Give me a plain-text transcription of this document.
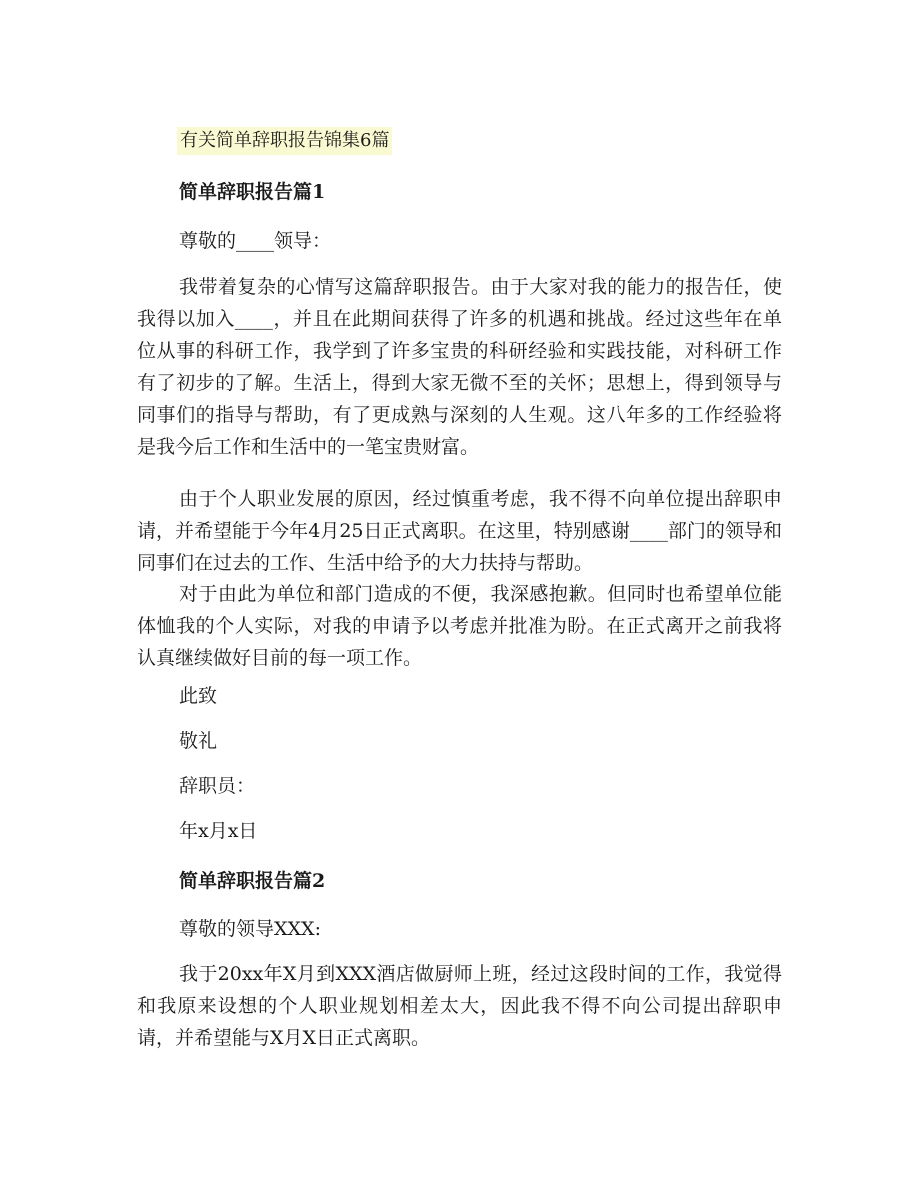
有关简单辞职报告锦集6篇
简单辞职报告篇1
尊敬的____领导：
我带着复杂的心情写这篇辞职报告。由于大家对我的能力的报告任，使我得以加入____，并且在此期间获得了许多的机遇和挑战。经过这些年在单位从事的科研工作，我学到了许多宝贵的科研经验和实践技能，对科研工作有了初步的了解。生活上，得到大家无微不至的关怀；思想上，得到领导与同事们的指导与帮助，有了更成熟与深刻的人生观。这八年多的工作经验将是我今后工作和生活中的一笔宝贵财富。
由于个人职业发展的原因，经过慎重考虑，我不得不向单位提出辞职申请，并希望能于今年4月25日正式离职。在这里，特别感谢____部门的领导和同事们在过去的工作、生活中给予的大力扶持与帮助。
对于由此为单位和部门造成的不便，我深感抱歉。但同时也希望单位能体恤我的个人实际，对我的申请予以考虑并批准为盼。在正式离开之前我将认真继续做好目前的每一项工作。
此致
敬礼
辞职员：
年x月x日
简单辞职报告篇2
尊敬的领导XXX:
我于20xx年X月到XXX酒店做厨师上班，经过这段时间的工作，我觉得和我原来设想的个人职业规划相差太大，因此我不得不向公司提出辞职申请，并希望能与X月X日正式离职。
